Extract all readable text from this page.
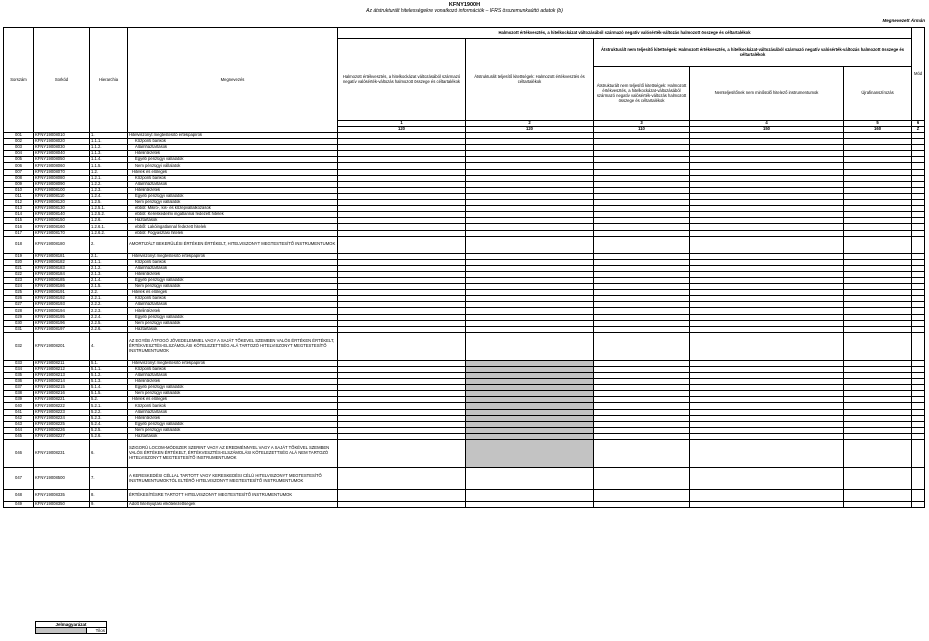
KFNY1900H
Az átstrukturált hitelességekre vonatkozó információk – IFRS összemunkaúttó adatok (b)
Megnevezett Ármán
Sorszám	Sorkód	Hierarchia	Megnevezés	Halmozott értékvesztés, a hitelkockázat változásából származó negatív valósérték-változás halmozott összege és céltartalékok					Mód
				Halmozott értékvesztés, a hitelkockázat változásából származó negatív valósérték-változás halmozott összege és céltartalékok	Átstrukturált teljesítő kitettségek: Halmozott értékvesztés és céltartalékok	Átstrukturált nem teljesítő kitettségek: Halmozott értékvesztés, a hitelkockázat-változásából származó negatív valósérték-változás halmozott összege és céltartalékok			
						Átstrukturált nem teljesítő kitettségek: Halmozott értékvesztés, a hitelkockázat-változásából származó negatív valósérték-változás halmozott összege és céltartalékok	Nemteljesítőnek nem minősülő hitelező instrumentumok	Újrafinanszírozás	
				1	2	3	4	5	6
				120	120	110	150	160	Z
001	KFNY19008010	1.	Hitelviszonyt megtestesítő értékpapírok						
002	KFNY19008020	1.1.1.	Központi bankok						
003	KFNY19008030	1.1.2.	Államháztartások						
004	KFNY19008040	1.1.3.	Hitelintézetek						
005	KFNY19008050	1.1.4.	Egyéb pénzügyi vállalatok						
006	KFNY19008060	1.1.5.	Nem pénzügyi vállalatok						
007	KFNY19008070	1.2.	Hitelek és előlegek						
008	KFNY19008080	1.2.1.	Központi bankok						
009	KFNY19008090	1.2.2.	Államháztartások						
010	KFNY19008100	1.2.3.	Hitelintézetek						
011	KFNY19008110	1.2.4.	Egyéb pénzügyi vállalatok						
012	KFNY19008120	1.2.5.	Nem pénzügyi vállalatok						
013	KFNY19008130	1.2.5.1.	ebből: Mikro-, kis- és középvállalkozások						
014	KFNY19008140	1.2.5.2.	ebből: Kereskedelmi ingatlannal fedezett hitelek						
015	KFNY19008150	1.2.6.	Háztartások						
016	KFNY19008160	1.2.6.1.	ebből: Lakóingatlannal fedezett hitelek						
017	KFNY19008170	1.2.6.2.	ebből: Fogyasztási hitelek						
018	KFNY19008180	2.	AMORTIZÁLT BEKERÜLÉSI ÉRTÉKEN ÉRTÉKELT, HITELVISZONYT MEGTESTESÍTŐ INSTRUMENTUMOK						
019	KFNY19008181	2.1.	Hitelviszonyt megtestesítő értékpapírok						
020	KFNY19008182	2.1.1.	Központi bankok						
021	KFNY19008183	2.1.2.	Államháztartások						
022	KFNY19008184	2.1.3.	Hitelintézetek						
023	KFNY19008185	2.1.4.	Egyéb pénzügyi vállalatok						
024	KFNY19008186	2.1.5.	Nem pénzügyi vállalatok						
025	KFNY19008191	2.2.	Hitelek és előlegek						
026	KFNY19008192	2.2.1.	Központi bankok						
027	KFNY19008193	2.2.2.	Államháztartások						
028	KFNY19008194	2.2.3.	Hitelintézetek						
029	KFNY19008195	2.2.4.	Egyéb pénzügyi vállalatok						
030	KFNY19008196	2.2.5.	Nem pénzügyi vállalatok						
031	KFNY19008197	2.2.6.	Háztartások						
032	KFNY19008201	4.	AZ EGYÉB ÁTFOGÓ JÖVEDELEMMEL VAGY A SAJÁT TŐKEVEL SZEMBEN VALÓS ÉRTÉKEN ÉRTÉKELT, ÉRTÉKVESZTÉS-ELSZÁMOLÁSI KÖTELEZETTSÉG ALÁ TARTOZÓ HITELVISZONYT MEGTESTESÍTŐ INSTRUMENTUMOK						
033	KFNY19008211	5.1.	Hitelviszonyt megtestesítő értékpapírok						
034	KFNY19008212	5.1.1.	Központi bankok						
035	KFNY19008213	5.1.2.	Államháztartások						
036	KFNY19008214	5.1.3.	Hitelintézetek						
037	KFNY19008215	5.1.4.	Egyéb pénzügyi vállalatok						
038	KFNY19008216	5.1.5.	Nem pénzügyi vállalatok						
039	KFNY19008221	5.2.	Hitelek és előlegek						
040	KFNY19008222	5.2.1.	Központi bankok						
041	KFNY19008223	5.2.2.	Államháztartások						
042	KFNY19008224	5.2.3.	Hitelintézetek						
043	KFNY19008225	5.2.4.	Egyéb pénzügyi vállalatok						
044	KFNY19008226	5.2.5.	Nem pénzügyi vállalatok						
045	KFNY19008227	5.2.6.	Háztartások						
046	KFNY19008231	6.	SZIGORÚ LOCOM-MÓDSZER SZERINT VAGY AZ EREDMÉNNYEL VAGY A SAJÁT TŐKÉVEL SZEMBEN VALÓS ÉRTÉKEN ÉRTÉKELT, ÉRTÉKVESZTÉS-ELSZÁMOLÁSI KÖTELEZETTSÉG ALÁ NEM TARTOZÓ HITELVISZONYT MEGTESTESÍTŐ INSTRUMENTUMOK						
047	KFNY19008500	7.	A KERESKEDÉSI CÉLLAL TARTOTT VAGY KERESKEDÉSI CÉLÚ HITELVISZONYT MEGTESTESÍTŐ INSTRUMENTUMOKTÓL ELTÉRŐ HITELVISZONYT MEGTESTESÍTŐ INSTRUMENTUMOK						
048	KFNY19008335	8.	ÉRTÉKESÍTÉSRE TARTOTT HITELVISZONYT MEGTESTESÍTŐ INSTRUMENTUMOK						
049	KFNY19008350	9.	Adott hitelnyújtási elkötelezettségek						
Jelmagyarázat
	Tilos
